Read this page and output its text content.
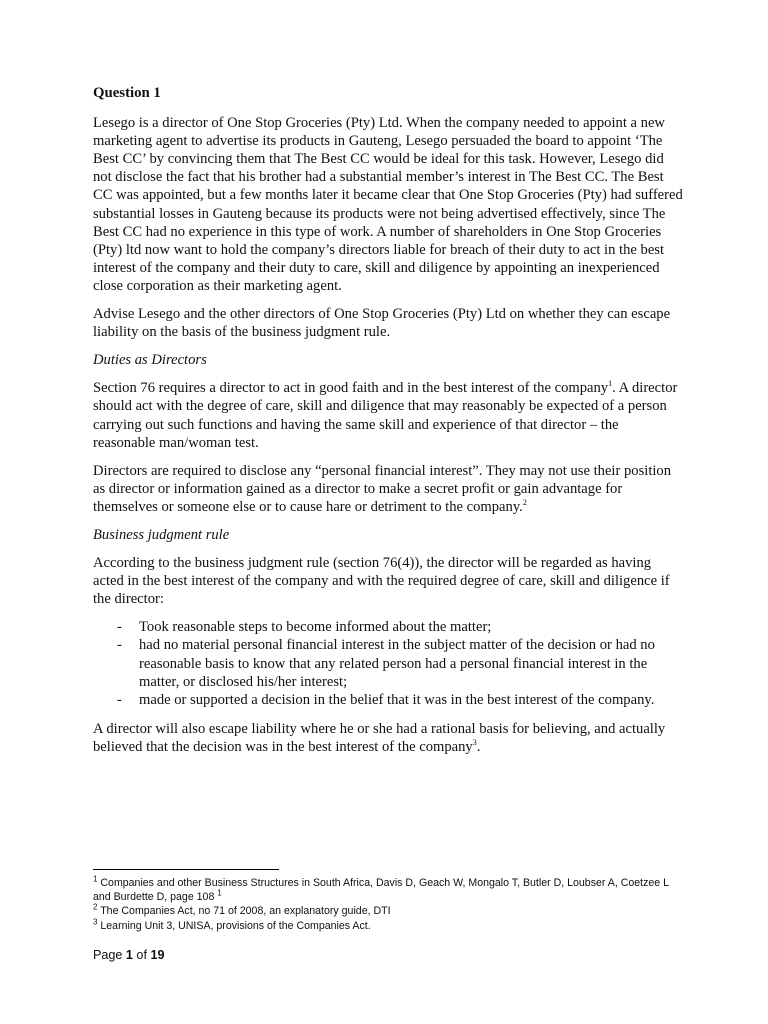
Question 1

Lesego is a director of One Stop Groceries (Pty) Ltd. When the company needed to appoint a new marketing agent to advertise its products in Gauteng, Lesego persuaded the board to appoint ‘The Best CC’ by convincing them that The Best CC would be ideal for this task. However, Lesego did not disclose the fact that his brother had a substantial member’s interest in The Best CC. The Best CC was appointed, but a few months later it became clear that One Stop Groceries (Pty) had suffered substantial losses in Gauteng because its products were not being advertised effectively, since The Best CC had no experience in this type of work. A number of shareholders in One Stop Groceries (Pty) ltd now want to hold the company’s directors liable for breach of their duty to act in the best interest of the company and their duty to care, skill and diligence by appointing an inexperienced close corporation as their marketing agent.

Advise Lesego and the other directors of One Stop Groceries (Pty) Ltd on whether they can escape liability on the basis of the business judgment rule.

Duties as Directors

Section 76 requires a director to act in good faith and in the best interest of the company$^1$. A director should act with the degree of care, skill and diligence that may reasonably be expected of a person carrying out such functions and having the same skill and experience of that director – the reasonable man/woman test.

Directors are required to disclose any “personal financial interest”. They may not use their position as director or information gained as a director to make a secret profit or gain advantage for themselves or someone else or to cause hare or detriment to the company.$^2$

Business judgment rule

According to the business judgment rule (section 76(4)), the director will be regarded as having acted in the best interest of the company and with the required degree of care, skill and diligence if the director:

- Took reasonable steps to become informed about the matter;
- had no material personal financial interest in the subject matter of the decision or had no reasonable basis to know that any related person had a personal financial interest in the matter, or disclosed his/her interest;
- made or supported a decision in the belief that it was in the best interest of the company.

A director will also escape liability where he or she had a rational basis for believing, and actually believed that the decision was in the best interest of the company$^3$.

$^1$ Companies and other Business Structures in South Africa, Davis D, Geach W, Mongalo T, Butler D, Loubser A, Coetzee L and Burdette D, page 108 $^1$
$^2$ The Companies Act, no 71 of 2008, an explanatory guide, DTI
$^3$ Learning Unit 3, UNISA, provisions of the Companies Act.
Page 1 of 19
